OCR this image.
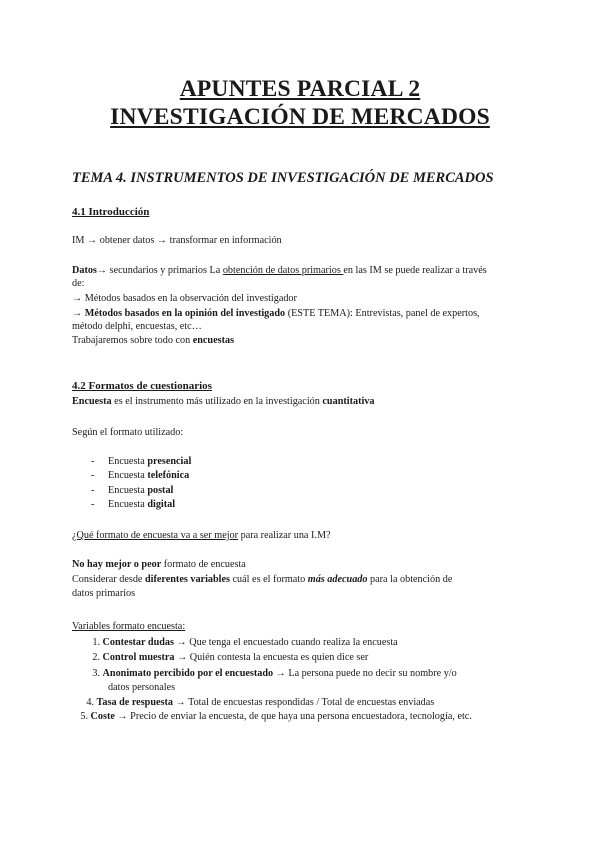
APUNTES PARCIAL 2
INVESTIGACIÓN DE MERCADOS
TEMA 4. INSTRUMENTOS DE INVESTIGACIÓN DE MERCADOS
4.1 Introducción
IM → obtener datos → transformar en información
Datos→ secundarios y primarios La obtención de datos primarios en las IM se puede realizar a través
de:
→ Métodos basados en la observación del investigador
→ Métodos basados en la opinión del investigado (ESTE TEMA): Entrevistas, panel de expertos,
método delphi, encuestas, etc…
Trabajaremos sobre todo con encuestas
4.2 Formatos de cuestionarios
Encuesta es el instrumento más utilizado en la investigación cuantitativa
Según el formato utilizado:
- Encuesta presencial
- Encuesta telefónica
- Encuesta postal
- Encuesta digital
¿Qué formato de encuesta va a ser mejor para realizar una I.M?
No hay mejor o peor formato de encuesta
Considerar desde diferentes variables cuál es el formato más adecuado para la obtención de
datos primarios
Variables formato encuesta:
1. Contestar dudas → Que tenga el encuestado cuando realiza la encuesta
2. Control muestra → Quién contesta la encuesta es quien dice ser
3. Anonimato percibido por el encuestado → La persona puede no decir su nombre y/o
datos personales
4. Tasa de respuesta → Total de encuestas respondidas / Total de encuestas enviadas
5. Coste → Precio de enviar la encuesta, de que haya una persona encuestadora, tecnología, etc.
